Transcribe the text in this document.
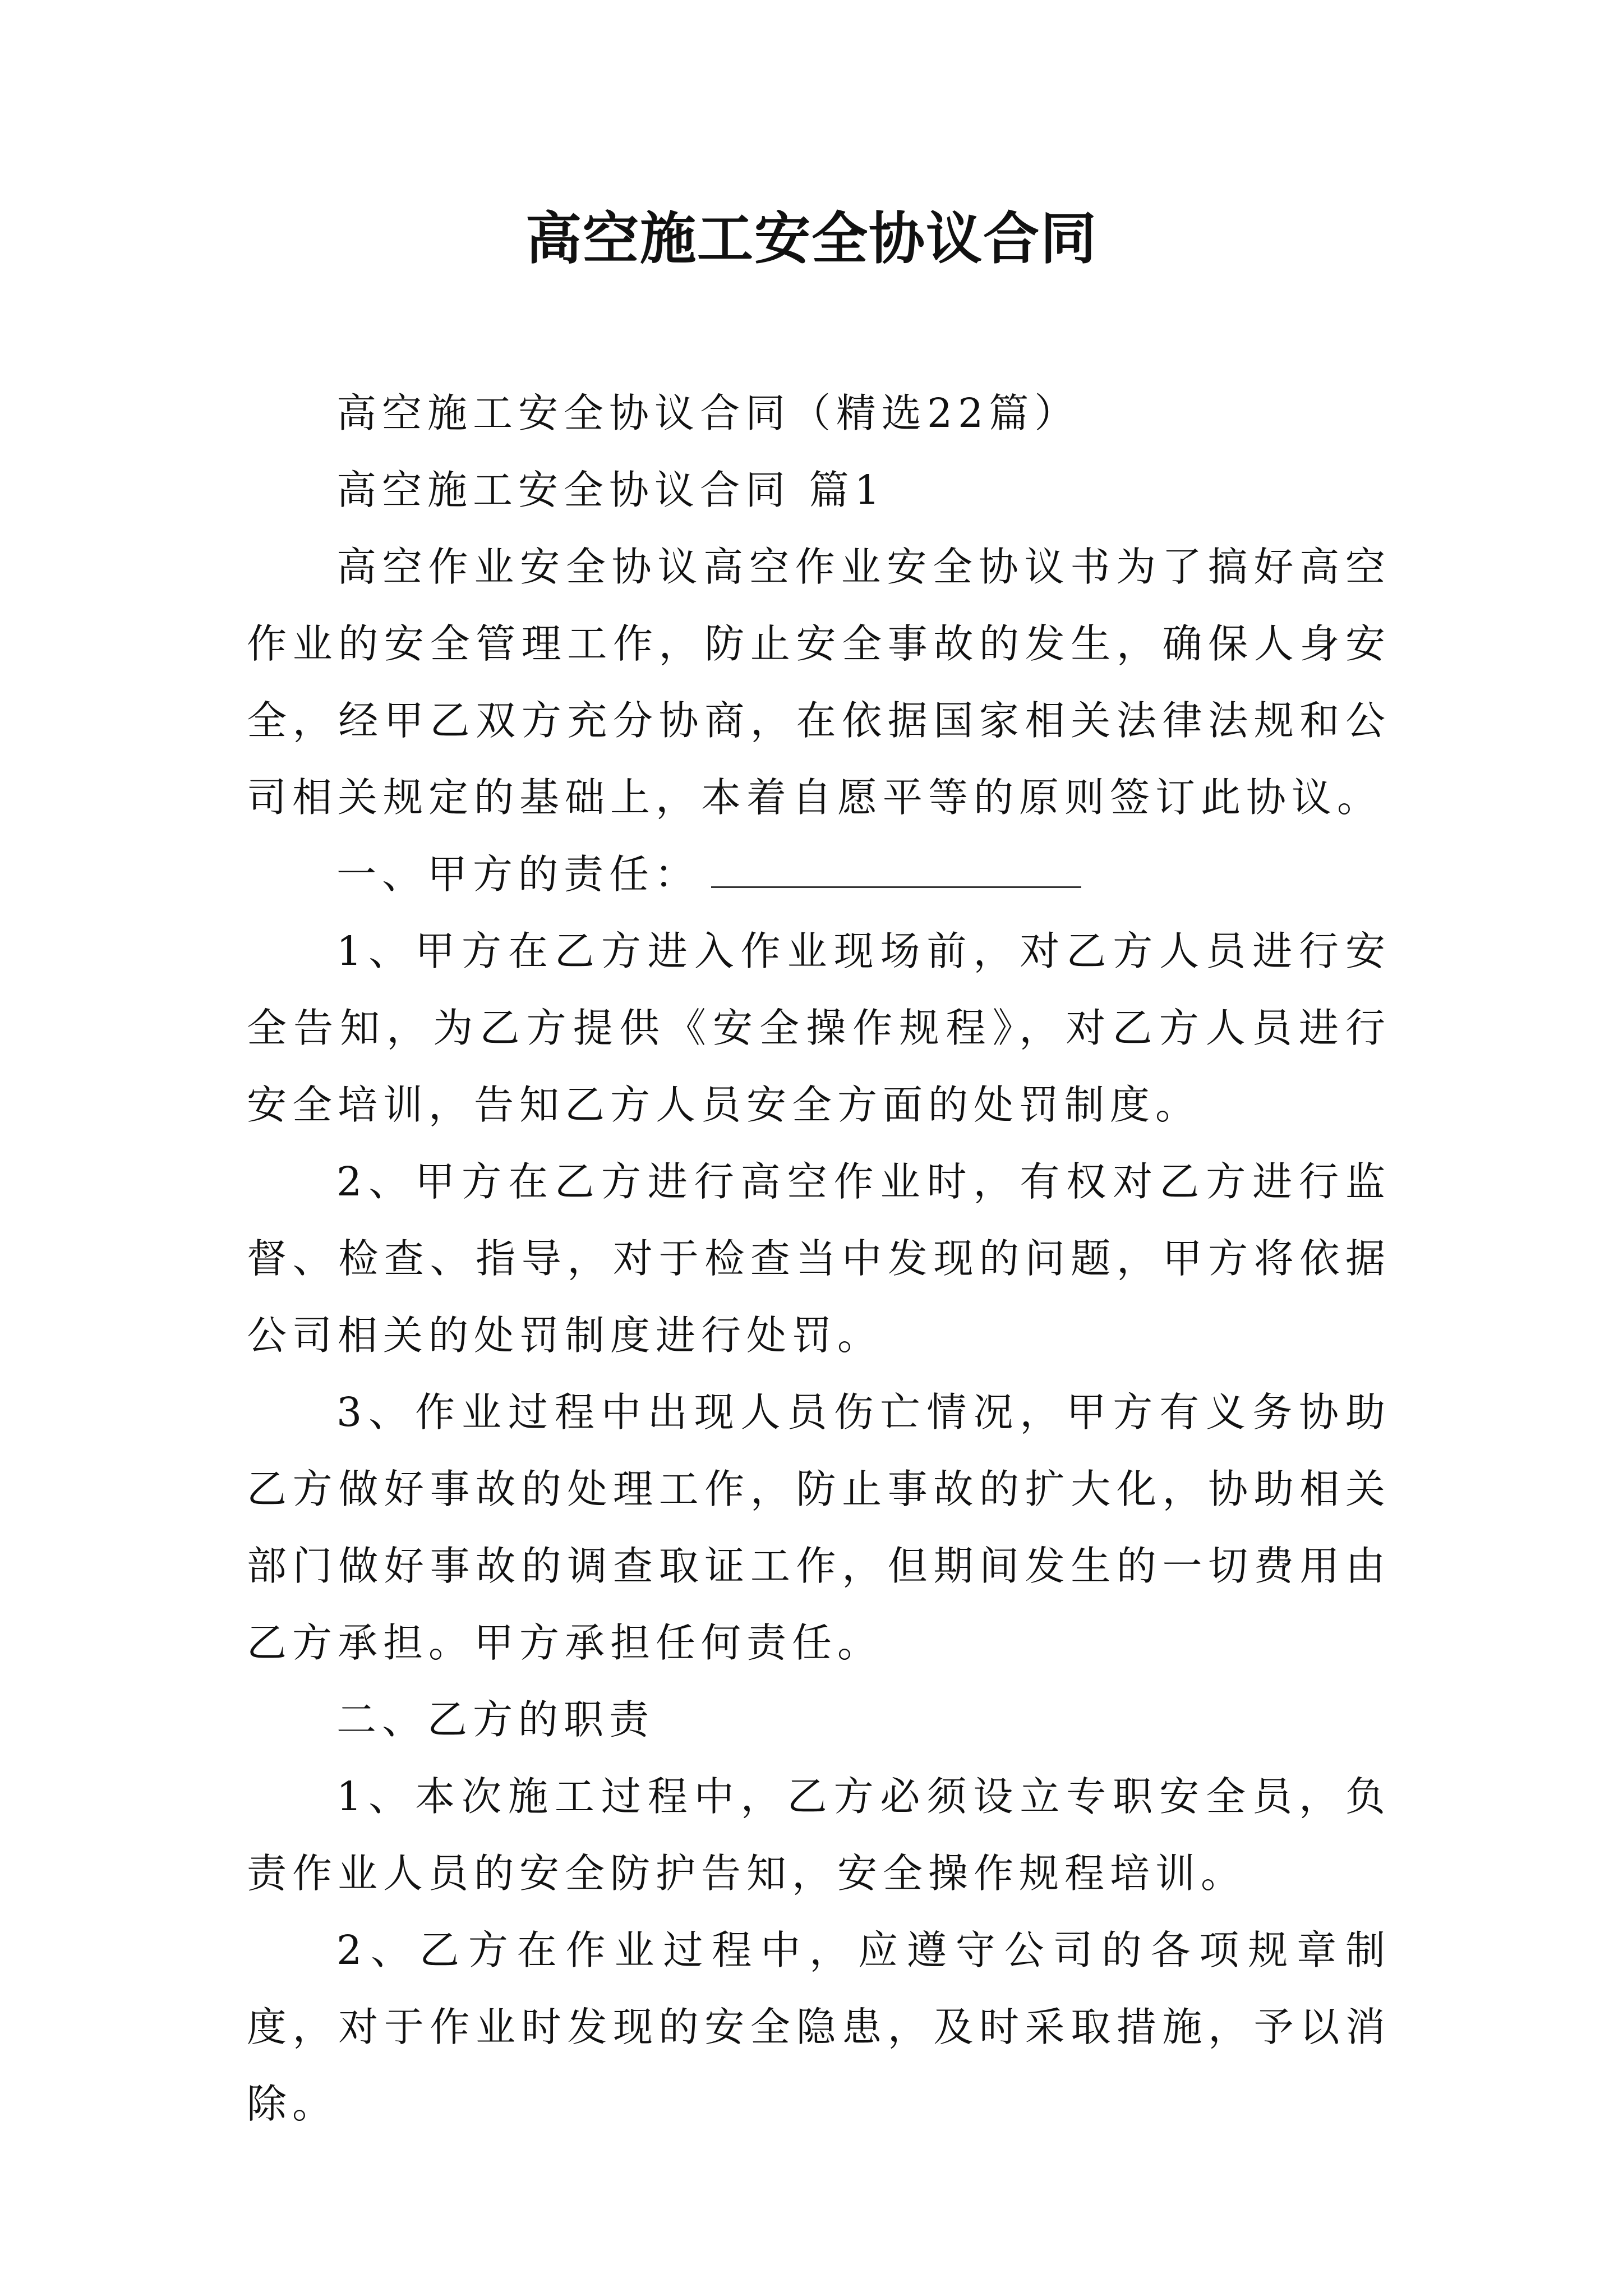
高空施工安全协议合同

高空施工安全协议合同（精选22篇）

高空施工安全协议合同 篇1

高空作业安全协议高空作业安全协议书为了搞好高空作业的安全管理工作，防止安全事故的发生，确保人身安全，经甲乙双方充分协商，在依据国家相关法律法规和公司相关规定的基础上，本着自愿平等的原则签订此协议。

一、甲方的责任：

1、甲方在乙方进入作业现场前，对乙方人员进行安全告知，为乙方提供《安全操作规程》，对乙方人员进行安全培训，告知乙方人员安全方面的处罚制度。

2、甲方在乙方进行高空作业时，有权对乙方进行监督、检查、指导，对于检查当中发现的问题，甲方将依据公司相关的处罚制度进行处罚。

3、作业过程中出现人员伤亡情况，甲方有义务协助乙方做好事故的处理工作，防止事故的扩大化，协助相关部门做好事故的调查取证工作，但期间发生的一切费用由乙方承担。甲方承担任何责任。

二、乙方的职责

1、本次施工过程中，乙方必须设立专职安全员，负责作业人员的安全防护告知，安全操作规程培训。

2、乙方在作业过程中，应遵守公司的各项规章制度，对于作业时发现的安全隐患，及时采取措施，予以消除。
